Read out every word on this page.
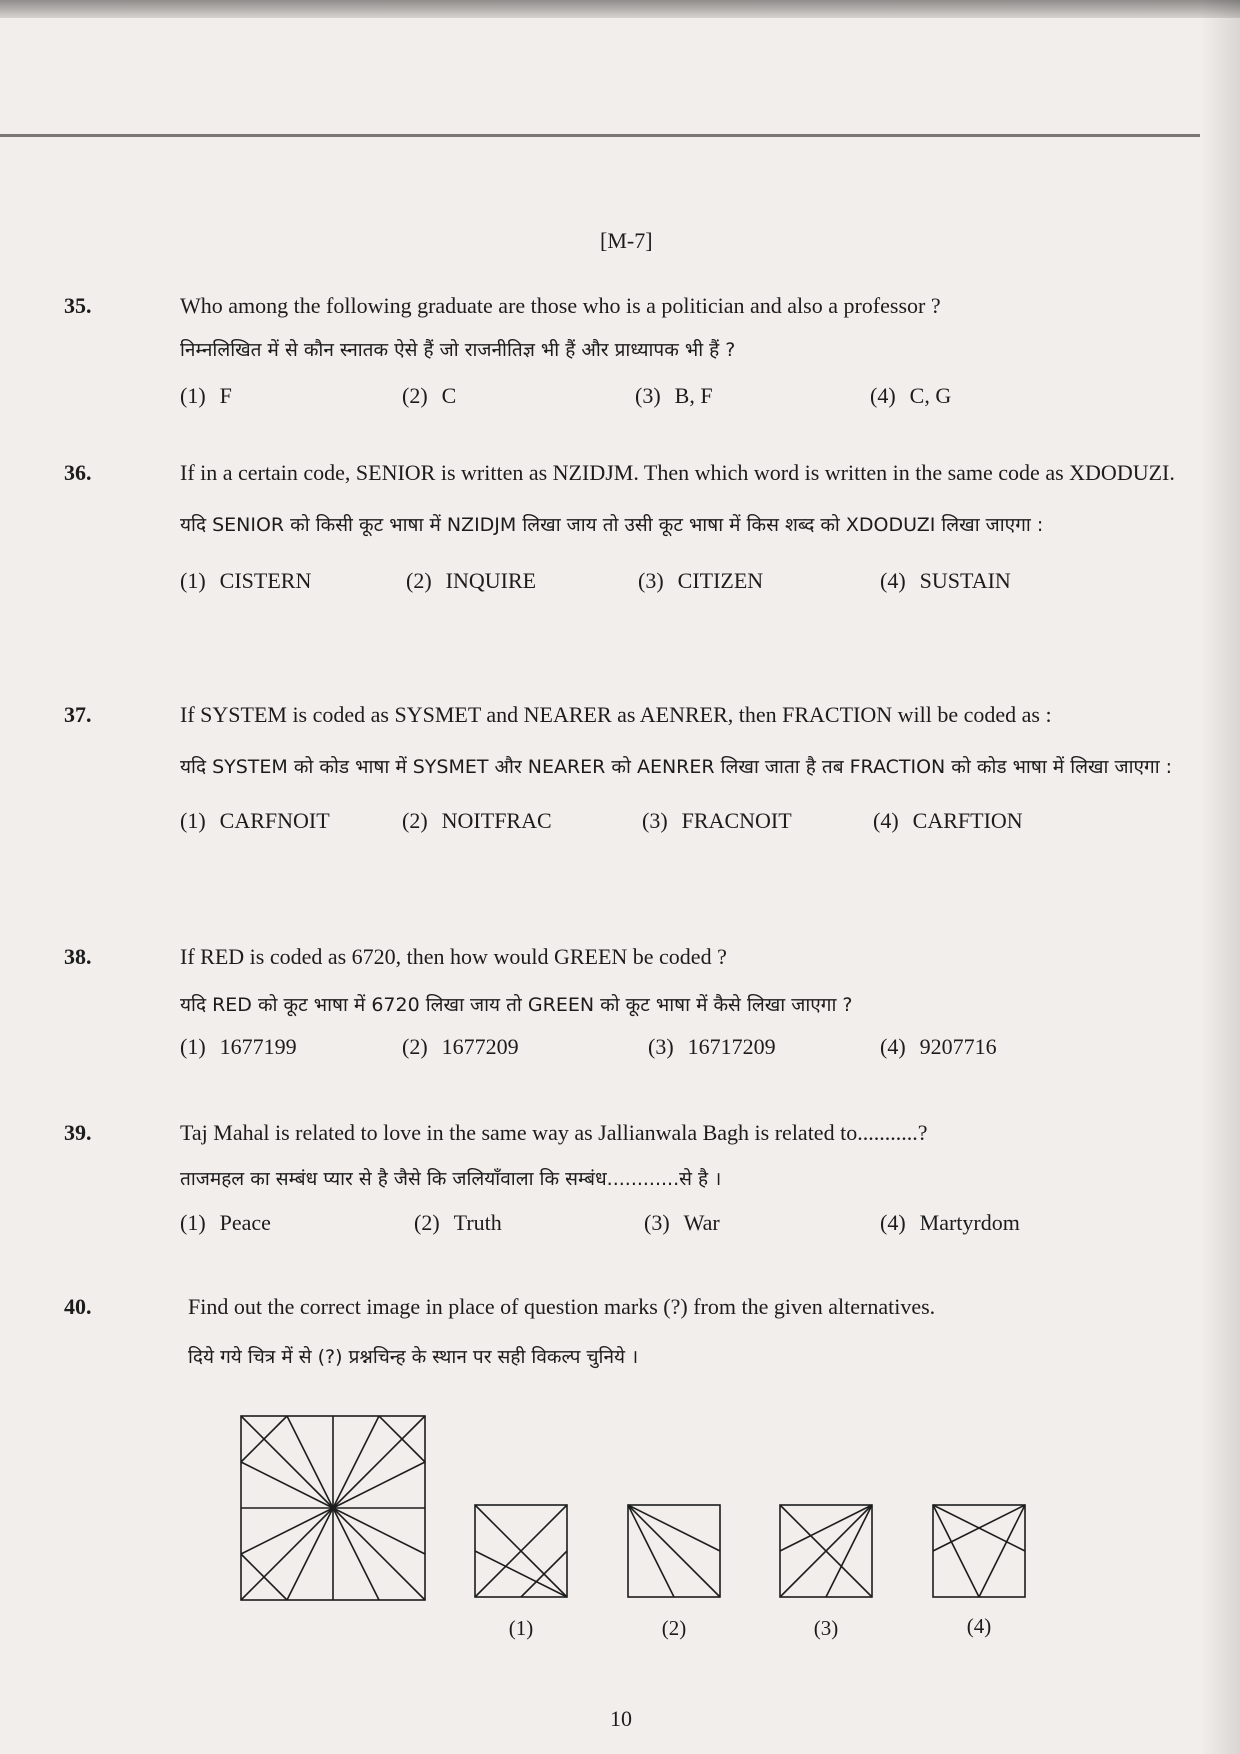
[M-7]
35.	Who among the following graduate are those who is a politician and also a professor ?

निम्नलिखित में से कौन स्नातक ऐसे हैं जो राजनीतिज्ञ भी हैं और प्राध्यापक भी हैं ?

(1) F	(2) C	(3) B, F	(4) C, G
36.	If in a certain code, SENIOR is written as NZIDJM. Then which word is written in the same code as XDODUZI.

यदि SENIOR को किसी कूट भाषा में NZIDJM लिखा जाय तो उसी कूट भाषा में किस शब्द को XDODUZI लिखा जाएगा :

(1) CISTERN	(2) INQUIRE	(3) CITIZEN	(4) SUSTAIN
37.	If SYSTEM is coded as SYSMET and NEARER as AENRER, then FRACTION will be coded as :

यदि SYSTEM को कोड भाषा में SYSMET और NEARER को AENRER लिखा जाता है तब FRACTION को कोड भाषा में लिखा जाएगा :

(1) CARFNOIT	(2) NOITFRAC	(3) FRACNOIT	(4) CARFTION
38.	If RED is coded as 6720, then how would GREEN be coded ?

यदि RED को कूट भाषा में 6720 लिखा जाय तो GREEN को कूट भाषा में कैसे लिखा जाएगा ?

(1) 1677199	(2) 1677209	(3) 16717209	(4) 9207716
39.	Taj Mahal is related to love in the same way as Jallianwala Bagh is related to...........?

ताजमहल का सम्बंध प्यार से है जैसे कि जलियाँवाला कि सम्बंध............से है ।

(1) Peace	(2) Truth	(3) War	(4) Martyrdom
40.	Find out the correct image in place of question marks (?) from the given alternatives.

दिये गये चित्र में से (?) प्रश्नचिन्ह के स्थान पर सही विकल्प चुनिये ।

(1)	(2)	(3)	(4)
10
